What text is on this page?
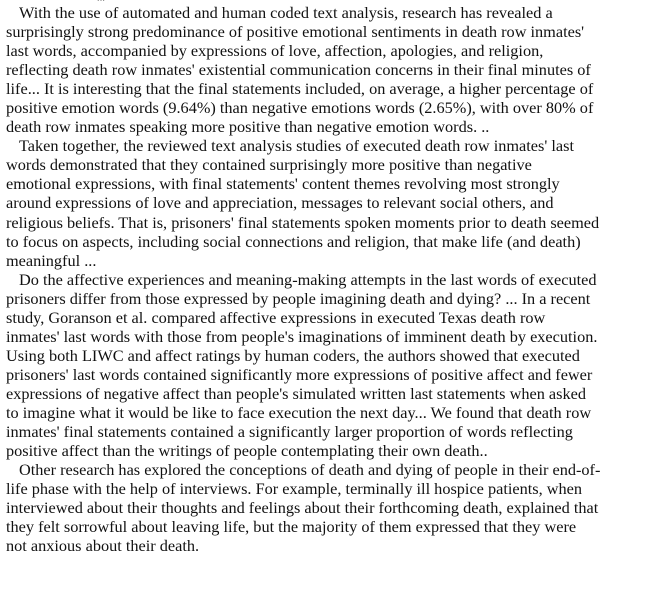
With the use of automated and human coded text analysis, research has revealed a
surprisingly strong predominance of positive emotional sentiments in death row inmates'
last words, accompanied by expressions of love, affection, apologies, and religion,
reflecting death row inmates' existential communication concerns in their final minutes of
life... It is interesting that the final statements included, on average, a higher percentage of
positive emotion words (9.64%) than negative emotions words (2.65%), with over 80% of
death row inmates speaking more positive than negative emotion words. ..
Taken together, the reviewed text analysis studies of executed death row inmates' last
words demonstrated that they contained surprisingly more positive than negative
emotional expressions, with final statements' content themes revolving most strongly
around expressions of love and appreciation, messages to relevant social others, and
religious beliefs. That is, prisoners' final statements spoken moments prior to death seemed
to focus on aspects, including social connections and religion, that make life (and death)
meaningful ...
Do the affective experiences and meaning-making attempts in the last words of executed
prisoners differ from those expressed by people imagining death and dying? ... In a recent
study, Goranson et al. compared affective expressions in executed Texas death row
inmates' last words with those from people's imaginations of imminent death by execution.
Using both LIWC and affect ratings by human coders, the authors showed that executed
prisoners' last words contained significantly more expressions of positive affect and fewer
expressions of negative affect than people's simulated written last statements when asked
to imagine what it would be like to face execution the next day... We found that death row
inmates' final statements contained a significantly larger proportion of words reflecting
positive affect than the writings of people contemplating their own death..
Other research has explored the conceptions of death and dying of people in their end-of-
life phase with the help of interviews. For example, terminally ill hospice patients, when
interviewed about their thoughts and feelings about their forthcoming death, explained that
they felt sorrowful about leaving life, but the majority of them expressed that they were
not anxious about their death.
